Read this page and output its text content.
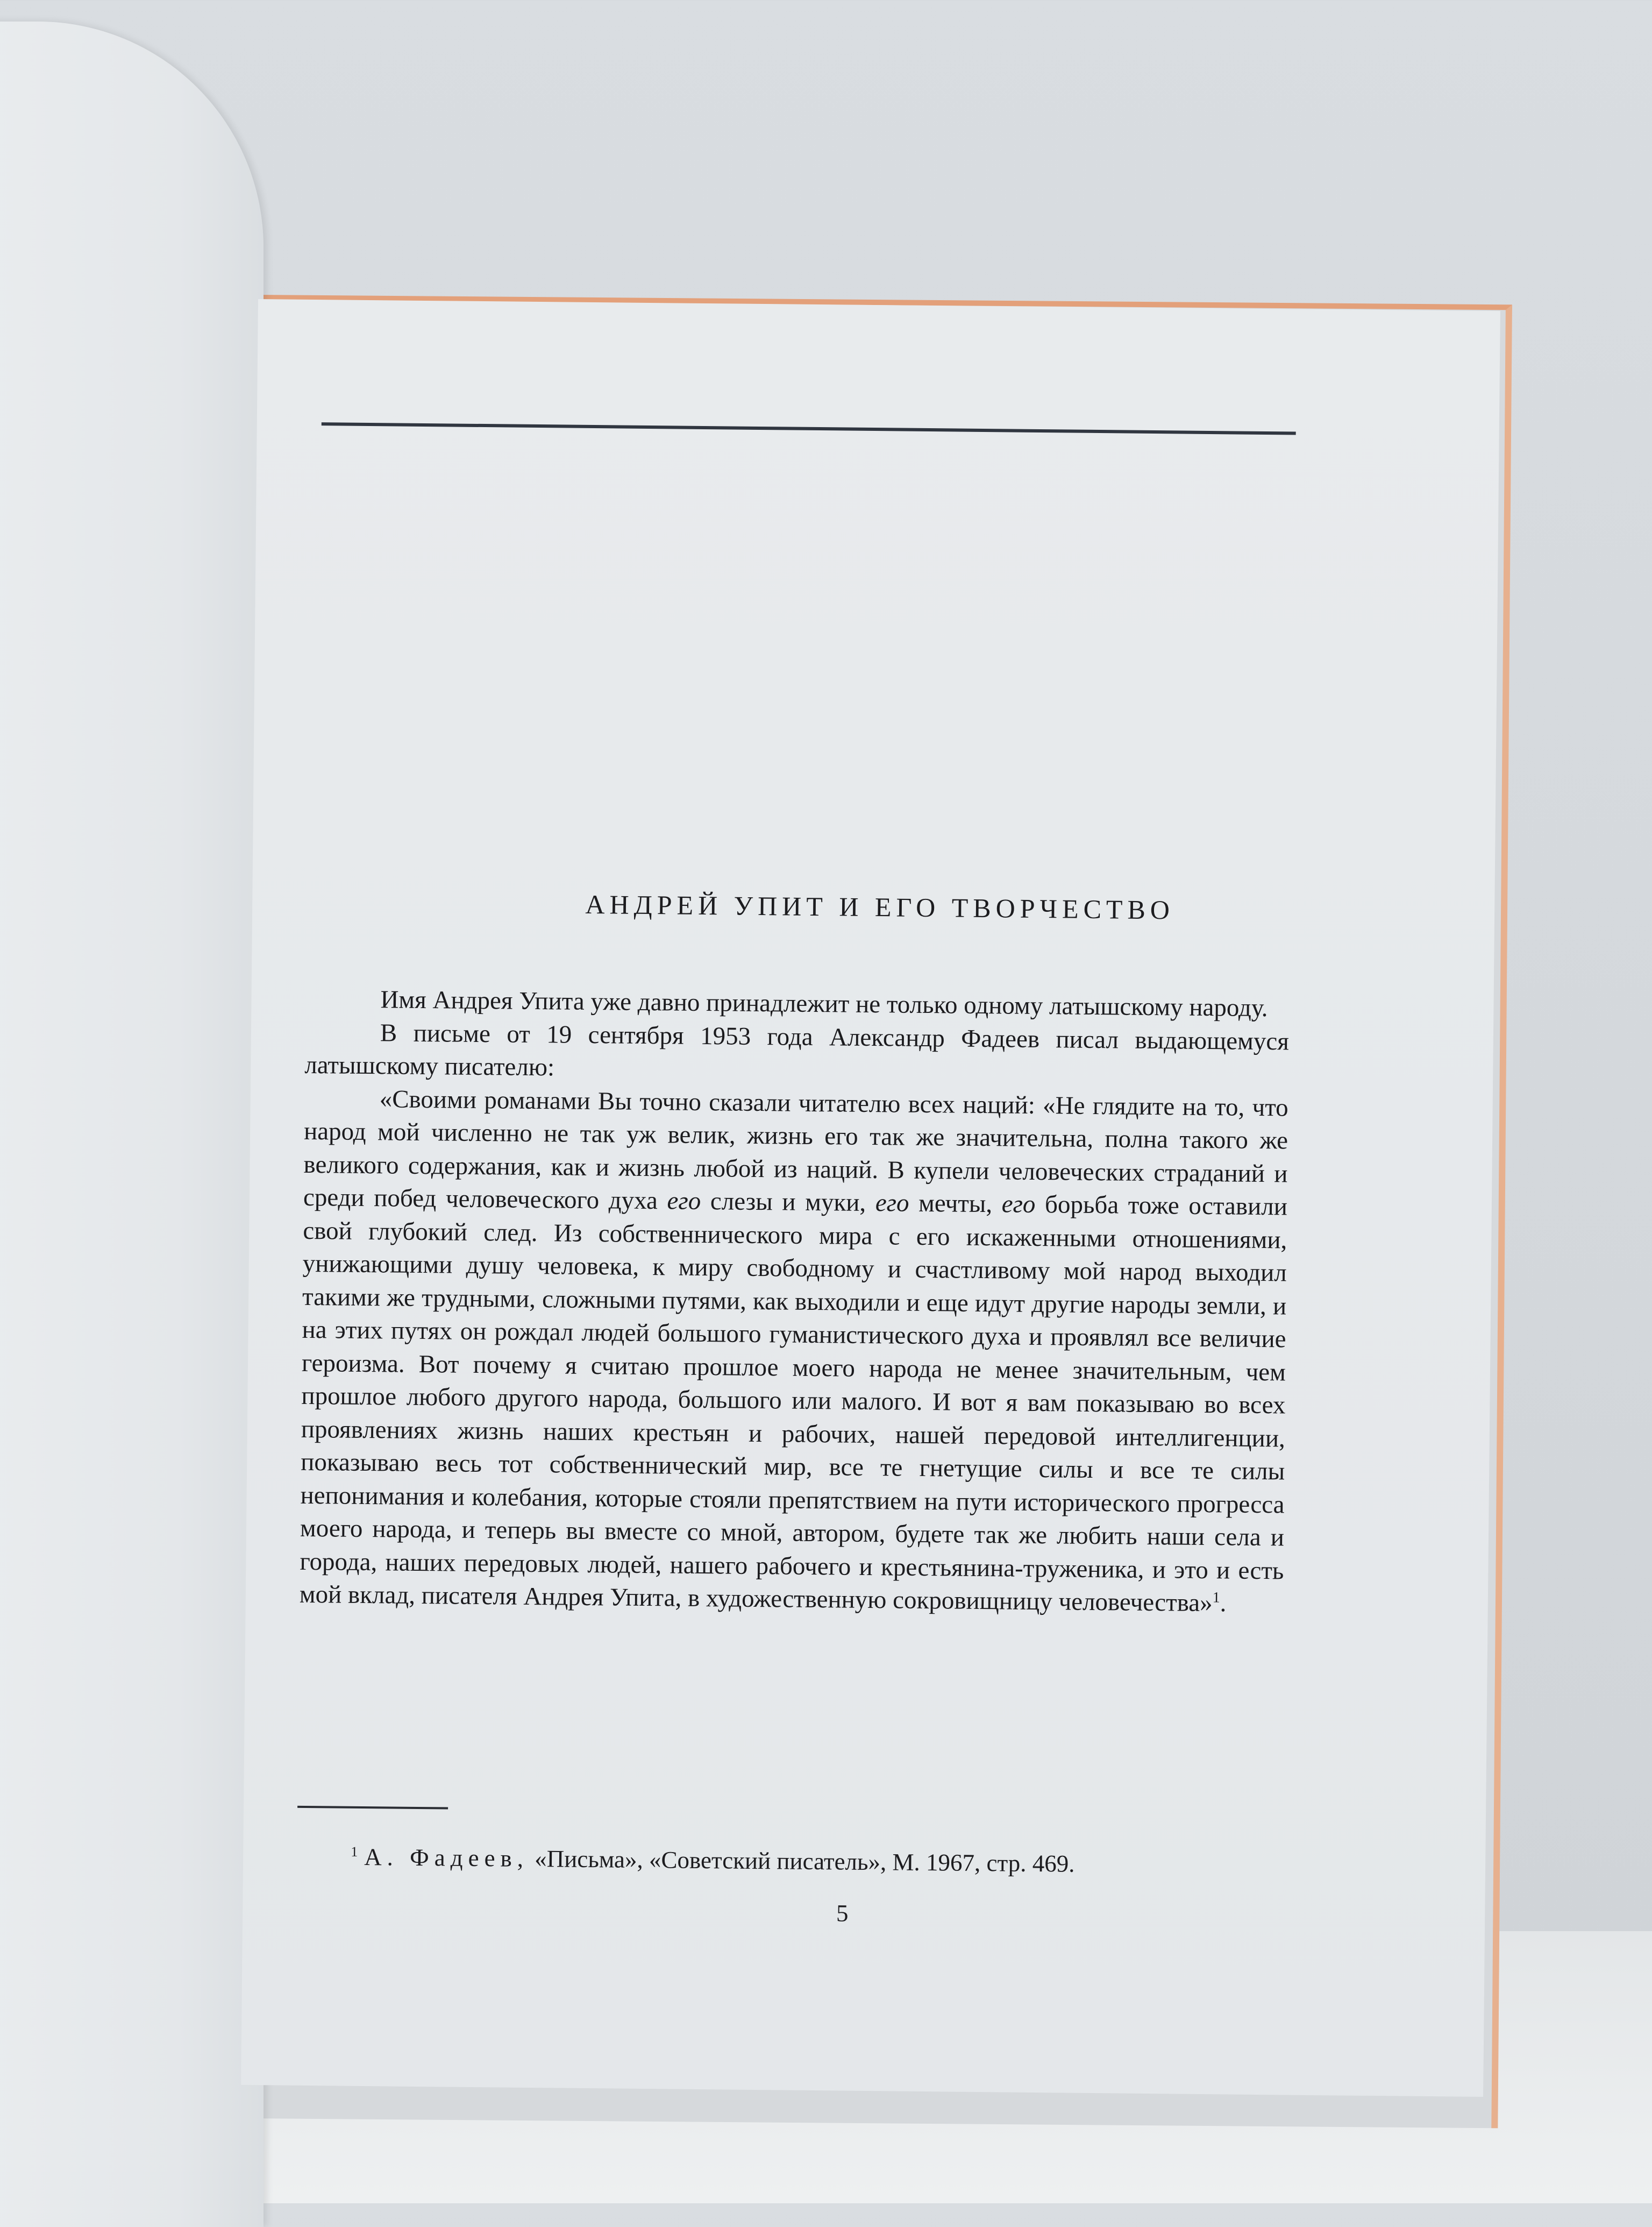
АНДРЕЙ УПИТ И ЕГО ТВОРЧЕСТВО

Имя Андрея Упита уже давно принадлежит не только одному латышскому народу.

В письме от 19 сентября 1953 года Александр Фадеев писал выдающемуся латышскому писателю:

«Своими романами Вы точно сказали читателю всех наций: «Не глядите на то, что народ мой численно не так уж велик, жизнь его так же значительна, полна такого же великого содержания, как и жизнь любой из наций. В купели человеческих страданий и среди побед человеческого духа его слезы и муки, его мечты, его борьба тоже оставили свой глубокий след. Из собственнического мира с его искаженными отношениями, унижающими душу человека, к миру свободному и счастливому мой народ выходил такими же трудными, сложными путями, как выходили и еще идут другие народы земли, и на этих путях он рождал людей большого гуманистического духа и проявлял все величие героизма. Вот почему я считаю прошлое моего народа не менее значительным, чем прошлое любого другого народа, большого или малого. И вот я вам показываю во всех проявлениях жизнь наших крестьян и рабочих, нашей передовой интеллигенции, показываю весь тот собственнический мир, все те гнетущие силы и все те силы непонимания и колебания, которые стояли препятствием на пути исторического прогресса моего народа, и теперь вы вместе со мной, автором, будете так же любить наши села и города, наших передовых людей, нашего рабочего и крестьянина-труженика, и это и есть мой вклад, писателя Андрея Упита, в художественную сокровищницу человечества»$^1$.

$^1$ А. Фадеев, «Письма», «Советский писатель», М. 1967, стр. 469.
5
